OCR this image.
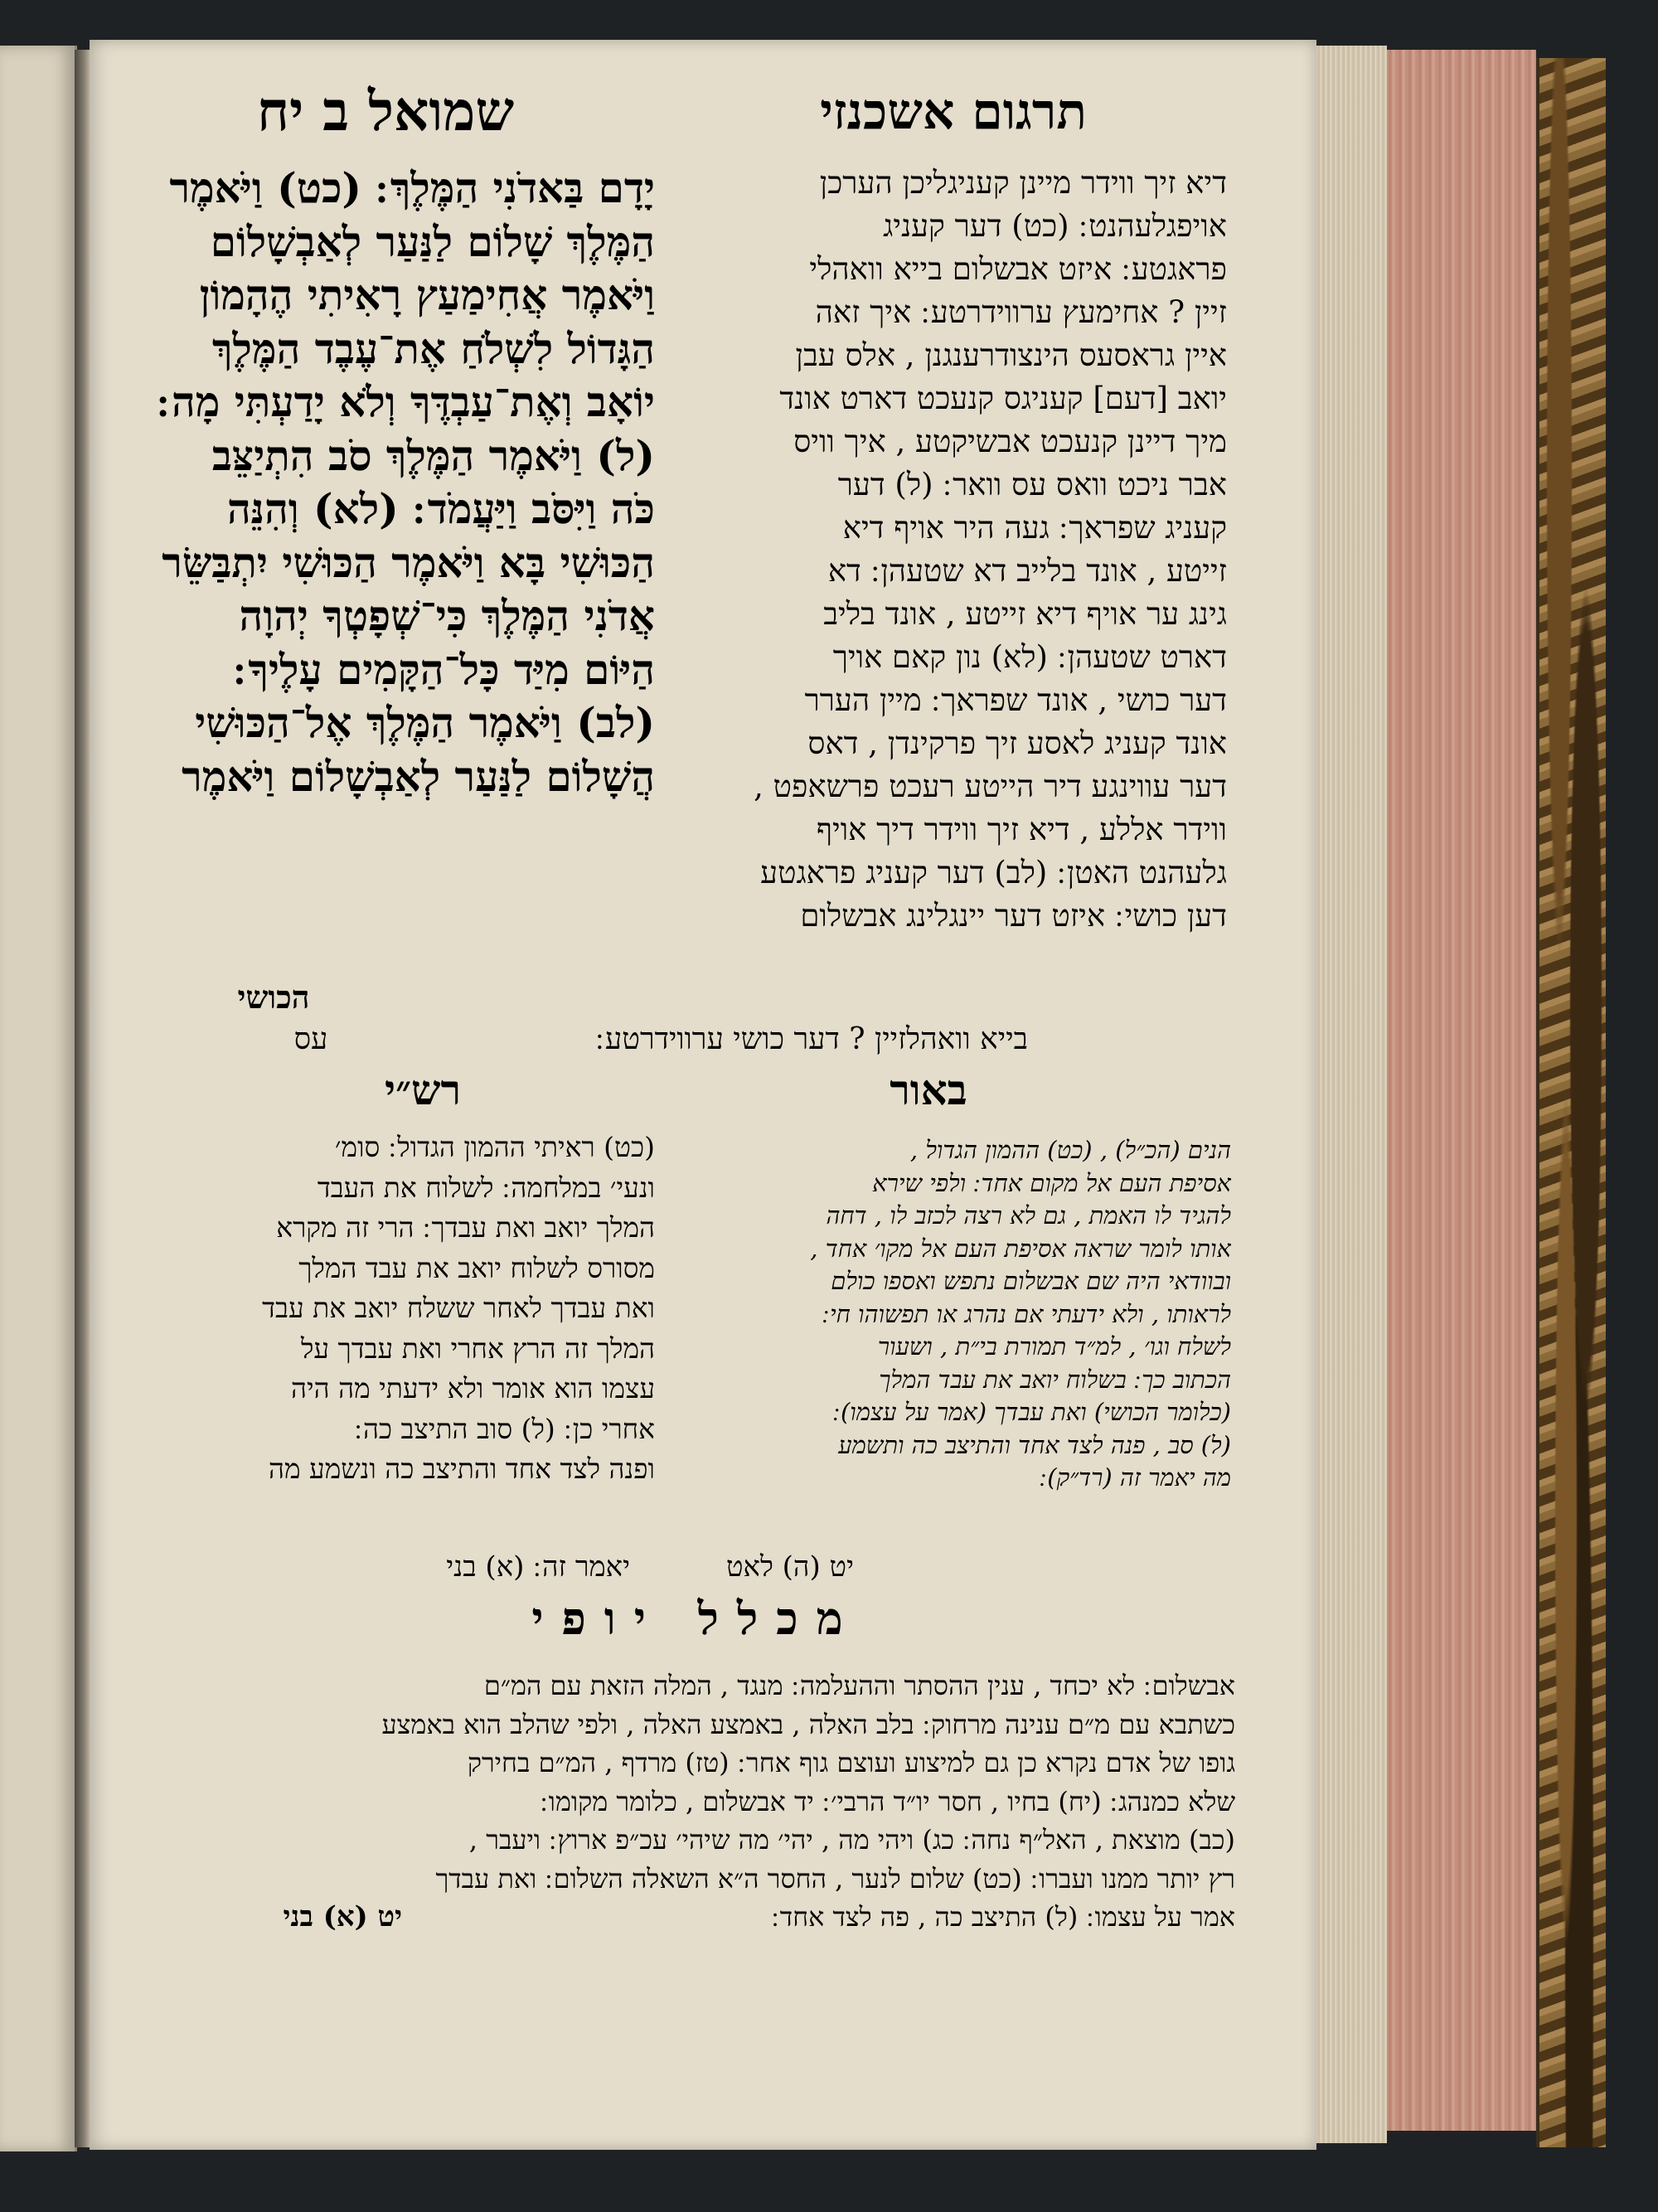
תרגום אשכנזי
שמואל ב יח
דיא זיך ווידר מיינן קעניגליכן הערכן
אויפגלעהנט ׃ (כט) דער קעניג
פראגטע ׃ איזט אבשלום בייא וואהלי
זיין ? אחימעץ ערווידרטע ׃ איך זאה
איין גראסעס הינצודרענגנן , אלס עבן
יואב [דעם] קעניגס קנעכט דארט אונד
מיך דיינן קנעכט אבשיקטע , איך וויס
אבר ניכט וואס עס וואר ׃ (ל) דער
קעניג שפראך ׃ געה היר אויף דיא
זייטע , אונד בלייב דא שטעהן ׃ דא
גינג ער אויף דיא זייטע , אונד בליב
דארט שטעהן ׃ (לא) נון קאם אויך
דער כושי , אונד שפראך ׃ מיין הערר
אונד קעניג לאסע זיך פרקינדן , דאס
דער עווינגע דיר הייטע רעכט פרשאפט ,
ווידר אללע , דיא זיך ווידר דיך אויף
גלעהנט האטן ׃ (לב) דער קעניג פראגטע
דען כושי ׃ איזט דער יינגלינג אבשלום
יָדָם בַּאדֹנִי הַמֶּלֶךְ ׃ (כט) וַיֹּאמֶר
הַמֶּלֶךְ שָׁלוֹם לַנַּעַר לְאַבְשָׁלוֹם
וַיֹּאמֶר אֲחִימַעַץ רָאִיתִי הֶהָמוֹן
הַגָּדוֹל לִשְׁלֹחַ אֶת־עֶבֶד הַמֶּלֶךְ
יוֹאָב וְאֶת־עַבְדֶּךָ וְלֹא יָדַעְתִּי מָה ׃
(ל) וַיֹּאמֶר הַמֶּלֶךְ סֹב הִתְיַצֵּב
כֹּה וַיִּסֹּב וַיַּעֲמֹד ׃ (לא) וְהִנֵּה
הַכּוּשִׁי בָּא וַיֹּאמֶר הַכּוּשִׁי יִתְבַּשֵּׂר
אֲדֹנִי הַמֶּלֶךְ כִּי־שְׁפָטְךָ יְהוָה
הַיּוֹם מִיַּד כָּל־הַקָּמִים עָלֶיךָ ׃
(לב) וַיֹּאמֶר הַמֶּלֶךְ אֶל־הַכּוּשִׁי
הֲשָׁלוֹם לַנַּעַר לְאַבְשָׁלוֹם וַיֹּאמֶר
הכושי
עס	בייא וואהלזיין ? דער כושי ערווידרטע ׃
רש״י	באור
(כט) ראיתי ההמון הגדול ׃ סומ׳
ונעי׳ במלחמה ׃ לשלוח את העבד
המלך יואב ואת עבדך ׃ הרי זה מקרא
מסורס לשלוח יואב את עבד המלך
ואת עבדך לאחר ששלח יואב את עבד
המלך זה הרץ אחרי ואת עבדך על
עצמו הוא אומר ולא ידעתי מה היה
אחרי כן ׃ (ל) סוב התיצב כה ׃
ופנה לצד אחד והתיצב כה ונשמע מה
הנים (הכ״ל) , (כט) ההמון הגדול ,
אסיפת העם אל מקום אחד ׃ ולפי שירא
להגיד לו האמת , גם לא רצה לכזב לו , דחה
אותו לומר שראה אסיפת העם אל מקו׳ אחד ,
ובוודאי היה שם אבשלום נתפש ואספו כולם
לראותו , ולא ידעתי אם נהרג או תפשוהו חי ׃
לשלח וגו׳ , למ״ד תמורת בי״ת , ושעור
הכתוב כך ׃ בשלוח יואב את עבד המלך
(כלומר הכושי) ואת עבדך (אמר על עצמו) ׃
(ל) סב , פנה לצד אחד והתיצב כה ותשמע
מה יאמר זה (רד״ק) ׃
יאמר זה ׃ (א) בני	יט (ה) לאט
מכלל יופי
אבשלום ׃ לא יכחד , ענין ההסתר וההעלמה ׃ מנגד , המלה הזאת עם המ״ם
כשתבא עם מ״ם ענינה מרחוק ׃ בלב האלה , באמצע האלה , ולפי שהלב הוא באמצע
גופו של אדם נקרא כן גם למיצוע ועוצם גוף אחר ׃ (טז) מרדף , המ״ם בחירק
שלא כמנהג ׃ (יח) בחיו , חסר יו״ד הרבי׳ ׃ יד אבשלום , כלומר מקומו ׃
(כב) מוצאת , האל״ף נחה ׃ כג) ויהי מה , יהי׳ מה שיהי׳ עכ״פ ארוץ ׃ ויעבר ,
רץ יותר ממנו ועברו ׃ (כט) שלום לנער , החסר ה״א השאלה השלום ׃ ואת עבדך
אמר על עצמו ׃ (ל) התיצב כה , פה לצד אחד ׃
יט (א) בני
